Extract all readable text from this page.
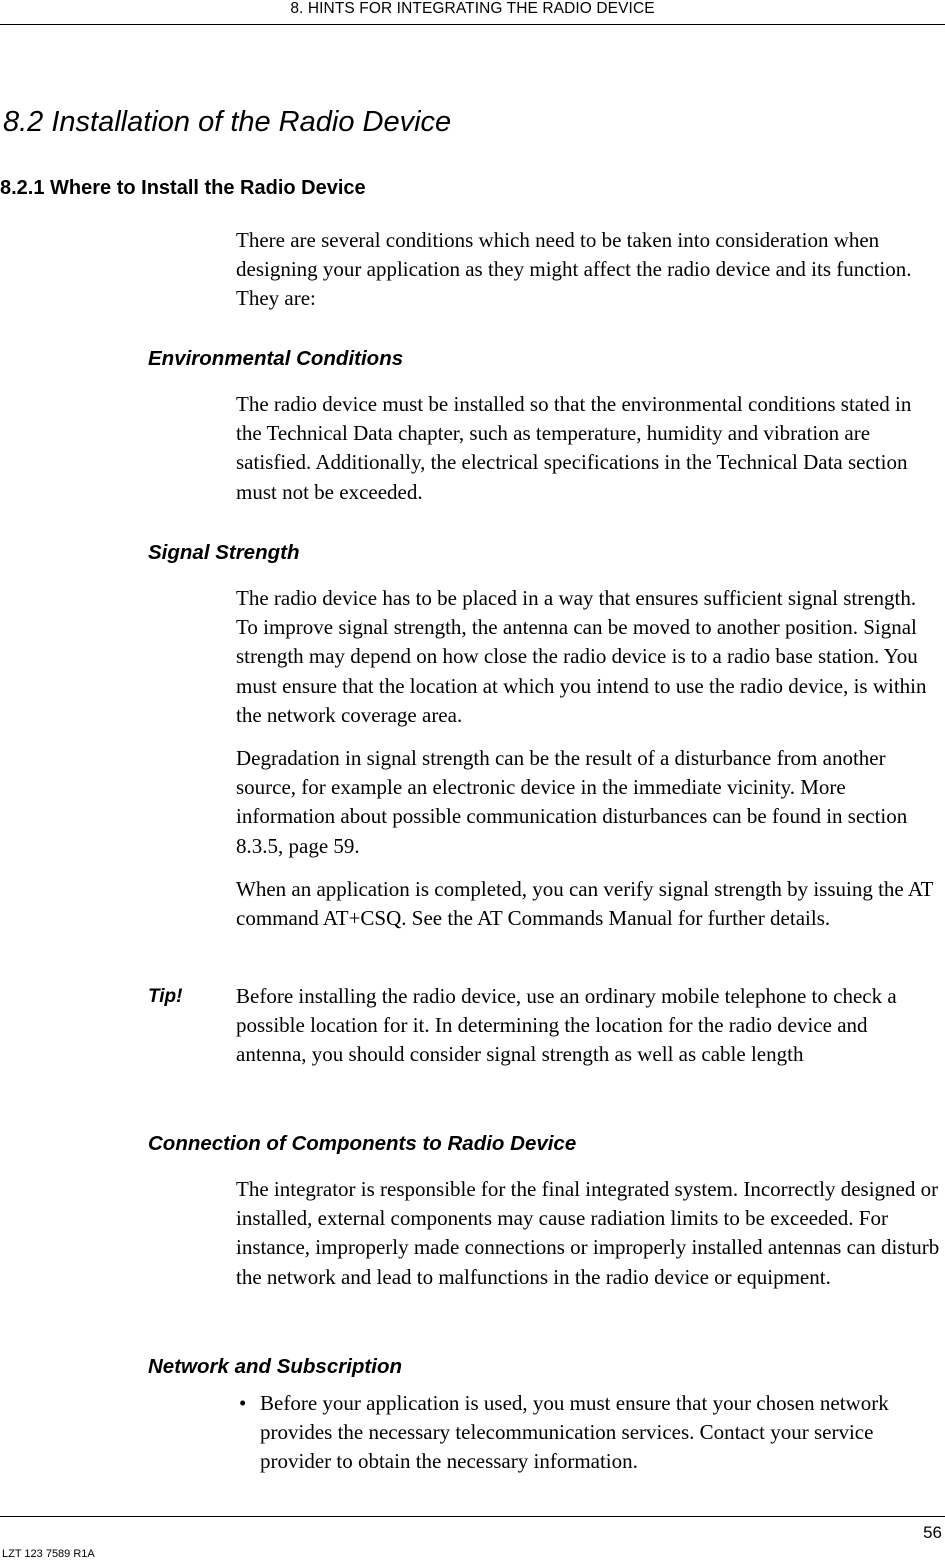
8. HINTS FOR INTEGRATING THE RADIO DEVICE
8.2 Installation of the Radio Device
8.2.1 Where to Install the Radio Device

There are several conditions which need to be taken into consideration when designing your application as they might affect the radio device and its function. They are:

Environmental Conditions

The radio device must be installed so that the environmental conditions stated in the Technical Data chapter, such as temperature, humidity and vibration are satisfied. Additionally, the electrical specifications in the Technical Data section must not be exceeded.

Signal Strength

The radio device has to be placed in a way that ensures sufficient signal strength. To improve signal strength, the antenna can be moved to another position. Signal strength may depend on how close the radio device is to a radio base station. You must ensure that the location at which you intend to use the radio device, is within the network coverage area.

Degradation in signal strength can be the result of a disturbance from another source, for example an electronic device in the immediate vicinity. More information about possible communication disturbances can be found in section 8.3.5, page 59.

When an application is completed, you can verify signal strength by issuing the AT command AT+CSQ. See the AT Commands Manual for further details.

Tip!	Before installing the radio device, use an ordinary mobile telephone to check a possible location for it. In determining the location for the radio device and antenna, you should consider signal strength as well as cable length

Connection of Components to Radio Device

The integrator is responsible for the final integrated system. Incorrectly designed or installed, external components may cause radiation limits to be exceeded. For instance, improperly made connections or improperly installed antennas can disturb the network and lead to malfunctions in the radio device or equipment.

Network and Subscription
• Before your application is used, you must ensure that your chosen network provides the necessary telecommunication services. Contact your service provider to obtain the necessary information.
56
LZT 123 7589 R1A
